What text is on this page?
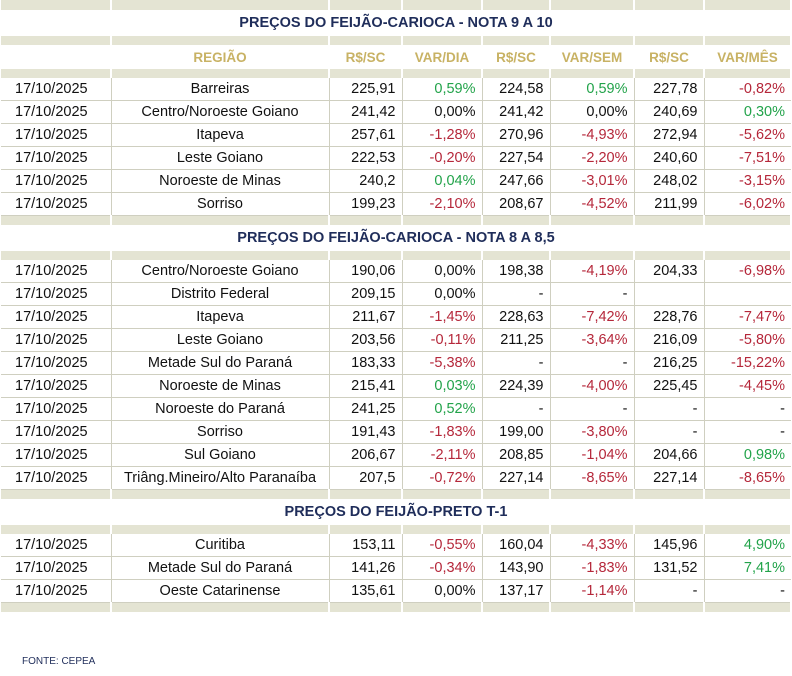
PREÇOS DO FEIJÃO-CARIOCA - NOTA 9 A 10							

	REGIÃO	R$/SC	VAR/DIA	R$/SC	VAR/SEM	R$/SC	VAR/MÊS

17/10/2025	Barreiras	225,91	0,59%	224,58	0,59%	227,78	-0,82%
17/10/2025	Centro/Noroeste Goiano	241,42	0,00%	241,42	0,00%	240,69	0,30%
17/10/2025	Itapeva	257,61	-1,28%	270,96	-4,93%	272,94	-5,62%
17/10/2025	Leste Goiano	222,53	-0,20%	227,54	-2,20%	240,60	-7,51%
17/10/2025	Noroeste de Minas	240,2	0,04%	247,66	-3,01%	248,02	-3,15%
17/10/2025	Sorriso	199,23	-2,10%	208,67	-4,52%	211,99	-6,02%

PREÇOS DO FEIJÃO-CARIOCA - NOTA 8 A 8,5							

17/10/2025	Centro/Noroeste Goiano	190,06	0,00%	198,38	-4,19%	204,33	-6,98%
17/10/2025	Distrito Federal	209,15	0,00%	-	-		
17/10/2025	Itapeva	211,67	-1,45%	228,63	-7,42%	228,76	-7,47%
17/10/2025	Leste Goiano	203,56	-0,11%	211,25	-3,64%	216,09	-5,80%
17/10/2025	Metade Sul do Paraná	183,33	-5,38%	-	-	216,25	-15,22%
17/10/2025	Noroeste de Minas	215,41	0,03%	224,39	-4,00%	225,45	-4,45%
17/10/2025	Noroeste do Paraná	241,25	0,52%	-	-	-	-
17/10/2025	Sorriso	191,43	-1,83%	199,00	-3,80%	-	-
17/10/2025	Sul Goiano	206,67	-2,11%	208,85	-1,04%	204,66	0,98%
17/10/2025	Triâng.Mineiro/Alto Paranaíba	207,5	-0,72%	227,14	-8,65%	227,14	-8,65%

PREÇOS DO FEIJÃO-PRETO T-1							

17/10/2025	Curitiba	153,11	-0,55%	160,04	-4,33%	145,96	4,90%
17/10/2025	Metade Sul do Paraná	141,26	-0,34%	143,90	-1,83%	131,52	7,41%
17/10/2025	Oeste Catarinense	135,61	0,00%	137,17	-1,14%	-	-

FONTE: CEPEA
